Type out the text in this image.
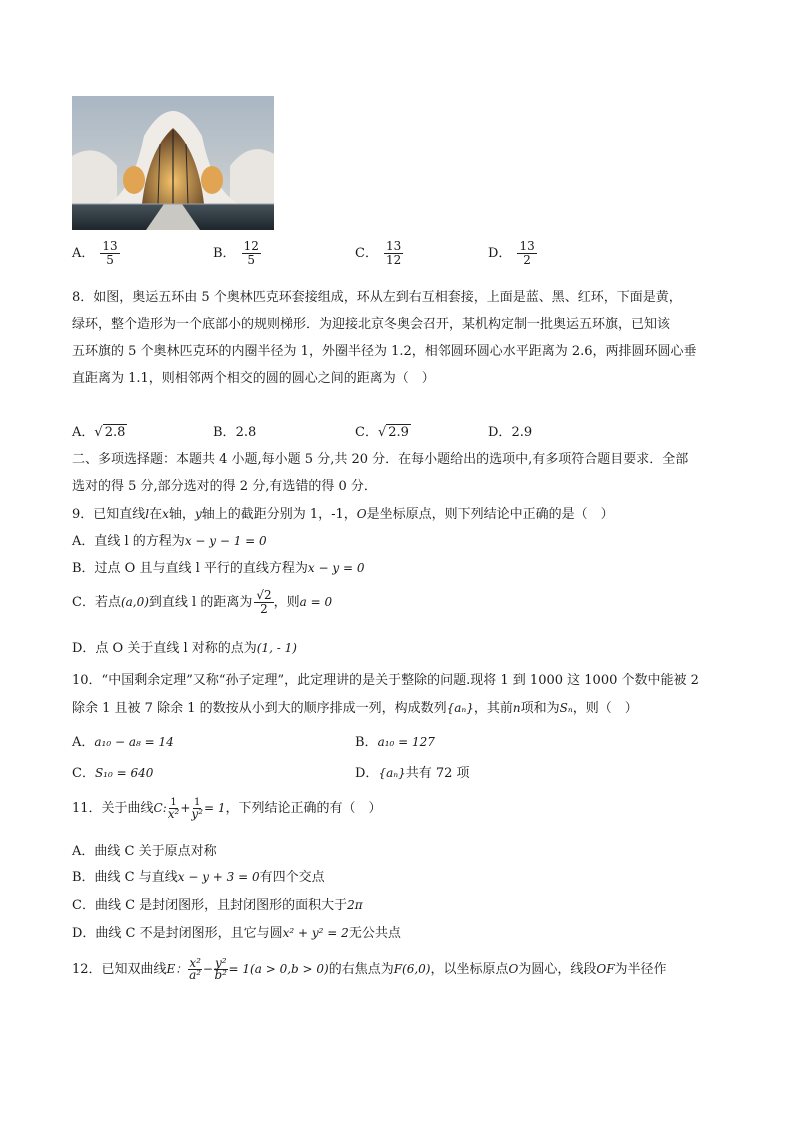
A． $\frac{13}{5}$	B． $\frac{12}{5}$	C． $\frac{13}{12}$	D． $\frac{13}{2}$
8．如图，奥运五环由 5 个奥林匹克环套接组成，环从左到右互相套接，上面是蓝、黑、红环，下面是黄，
绿环，整个造形为一个底部小的规则梯形．为迎接北京冬奥会召开，某机构定制一批奥运五环旗，已知该
五环旗的 5 个奥林匹克环的内圈半径为 1，外圈半径为 1.2，相邻圆环圆心水平距离为 2.6，两排圆环圆心垂
直距离为 1.1，则相邻两个相交的圆的圆心之间的距离为（　）
A．√ 2.8	B．2.8	C．√ 2.9	D．2.9
二、多项选择题：本题共 4 小题,每小题 5 分,共 20 分．在每小题给出的选项中,有多项符合题目要求．全部
选对的得 5 分,部分选对的得 2 分,有选错的得 0 分．
9．已知直线l在x轴，y轴上的截距分别为 1，-1，O是坐标原点，则下列结论中正确的是（　）
A．直线 l 的方程为x − y − 1 = 0
B．过点 O 且与直线 l 平行的直线方程为x − y = 0
C．若点(a,0)到直线 l 的距离为 $\frac{√2}{2}$ ，则a = 0
D．点 O 关于直线 l 对称的点为(1, - 1)
10．“中国剩余定理”又称“孙子定理”，此定理讲的是关于整除的问题.现将 1 到 1000 这 1000 个数中能被 2
除余 1 且被 7 除余 1 的数按从小到大的顺序排成一列，构成数列{aₙ}，其前n项和为Sₙ，则（　）
A．a₁₀ − a₈ = 14	B．a₁₀ = 127
C．S₁₀ = 640	D．{aₙ}共有 72 项
11．关于曲线C: $\frac{1}{\text{x²}} + \frac{1}{\text{y²}} = 1$，下列结论正确的有（　）
A．曲线 C 关于原点对称
B．曲线 C 与直线x − y + 3 = 0有四个交点
C．曲线 C 是封闭图形，且封闭图形的面积大于2π
D．曲线 C 不是封闭图形，且它与圆x² + y² = 2无公共点
12．已知双曲线E： $\frac{\text{x²}}{\text{a²}} - \frac{\text{y²}}{\text{b²}} = 1(a > 0,b > 0)$的右焦点为F(6,0)，以坐标原点O为圆心，线段OF为半径作
